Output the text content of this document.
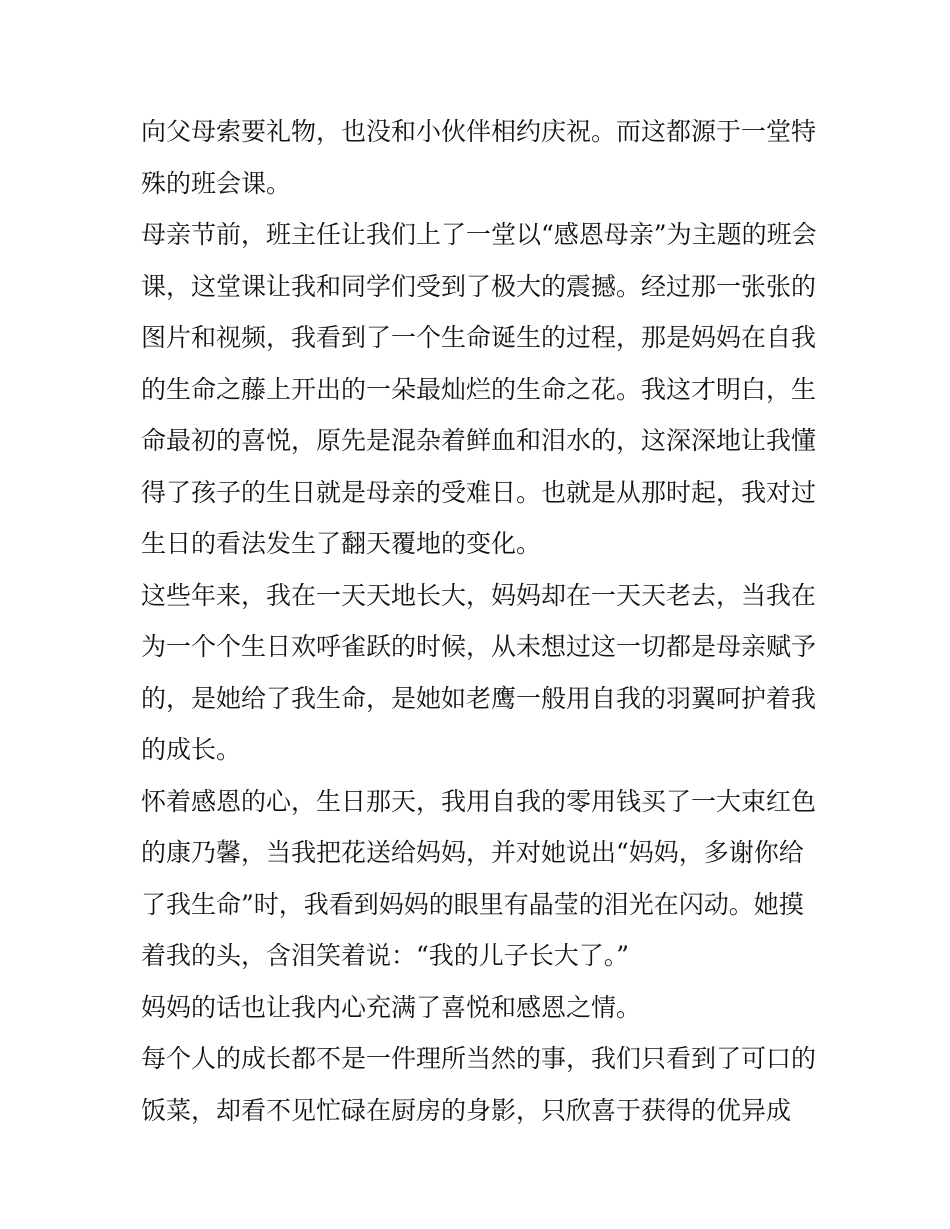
向父母索要礼物，也没和小伙伴相约庆祝。而这都源于一堂特
殊的班会课。
母亲节前，班主任让我们上了一堂以“感恩母亲”为主题的班会
课，这堂课让我和同学们受到了极大的震撼。经过那一张张的
图片和视频，我看到了一个生命诞生的过程，那是妈妈在自我
的生命之藤上开出的一朵最灿烂的生命之花。我这才明白，生
命最初的喜悦，原先是混杂着鲜血和泪水的，这深深地让我懂
得了孩子的生日就是母亲的受难日。也就是从那时起，我对过
生日的看法发生了翻天覆地的变化。
这些年来，我在一天天地长大，妈妈却在一天天老去，当我在
为一个个生日欢呼雀跃的时候，从未想过这一切都是母亲赋予
的，是她给了我生命，是她如老鹰一般用自我的羽翼呵护着我
的成长。
怀着感恩的心，生日那天，我用自我的零用钱买了一大束红色
的康乃馨，当我把花送给妈妈，并对她说出“妈妈，多谢你给
了我生命”时，我看到妈妈的眼里有晶莹的泪光在闪动。她摸
着我的头，含泪笑着说：“我的儿子长大了。”
妈妈的话也让我内心充满了喜悦和感恩之情。
每个人的成长都不是一件理所当然的事，我们只看到了可口的
饭菜，却看不见忙碌在厨房的身影，只欣喜于获得的优异成
